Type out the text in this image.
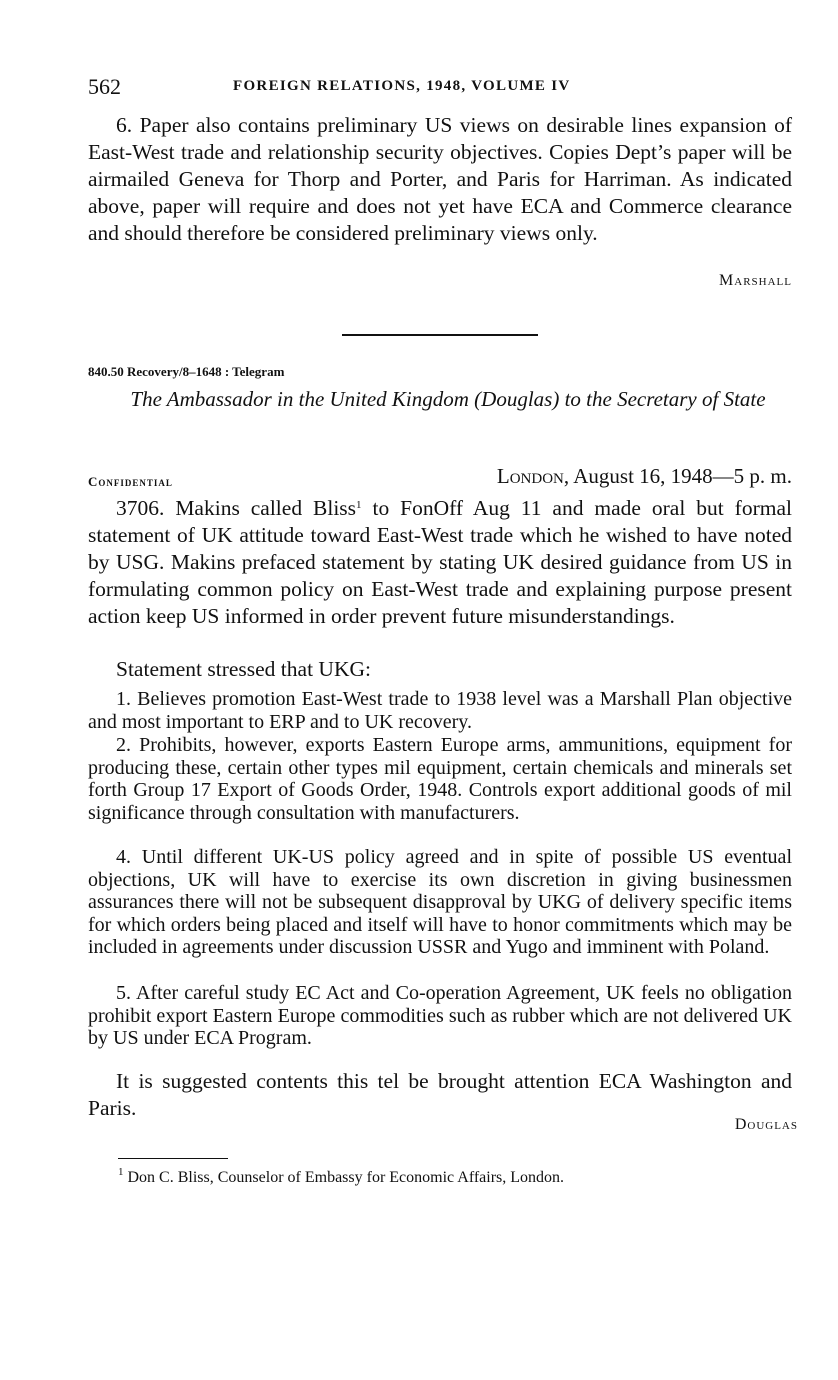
562	FOREIGN RELATIONS, 1948, VOLUME IV

6. Paper also contains preliminary US views on desirable lines expansion of East-West trade and relationship security objectives. Copies Dept’s paper will be airmailed Geneva for Thorp and Porter, and Paris for Harriman. As indicated above, paper will require and does not yet have ECA and Commerce clearance and should therefore be considered preliminary views only.

Marshall
840.50 Recovery/8–1648 : Telegram
The Ambassador in the United Kingdom (Douglas) to the Secretary of State
Confidential	London, August 16, 1948—5 p. m.

3706. Makins called Bliss$^1$ to FonOff Aug 11 and made oral but formal statement of UK attitude toward East-West trade which he wished to have noted by USG. Makins prefaced statement by stating UK desired guidance from US in formulating common policy on East-West trade and explaining purpose present action keep US informed in order prevent future misunderstandings.

Statement stressed that UKG:

1. Believes promotion East-West trade to 1938 level was a Marshall Plan objective and most important to ERP and to UK recovery.

2. Prohibits, however, exports Eastern Europe arms, ammunitions, equipment for producing these, certain other types mil equipment, certain chemicals and minerals set forth Group 17 Export of Goods Order, 1948. Controls export additional goods of mil significance through consultation with manufacturers.

4. Until different UK-US policy agreed and in spite of possible US eventual objections, UK will have to exercise its own discretion in giving businessmen assurances there will not be subsequent disapproval by UKG of delivery specific items for which orders being placed and itself will have to honor commitments which may be included in agreements under discussion USSR and Yugo and imminent with Poland.

5. After careful study EC Act and Co-operation Agreement, UK feels no obligation prohibit export Eastern Europe commodities such as rubber which are not delivered UK by US under ECA Program.

It is suggested contents this tel be brought attention ECA Washington and Paris.

Douglas
$^1$ Don C. Bliss, Counselor of Embassy for Economic Affairs, London.
